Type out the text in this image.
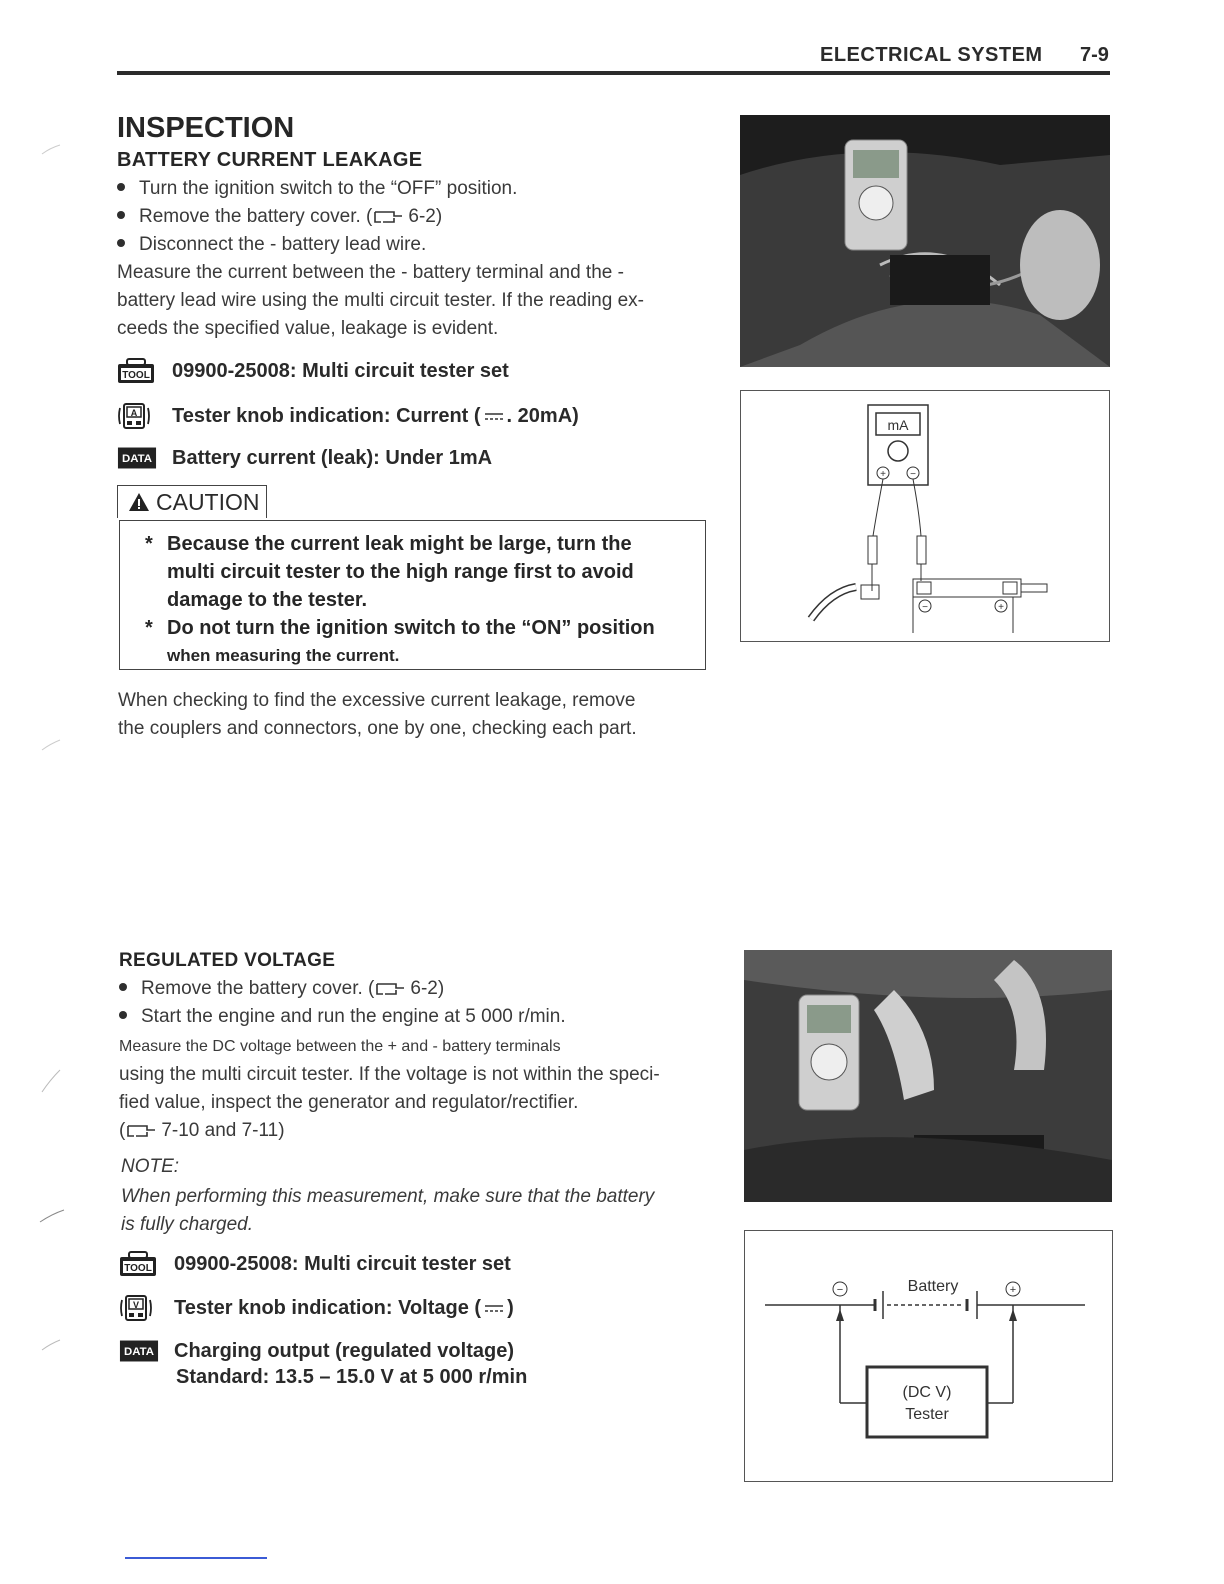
ELECTRICAL SYSTEM 7-9
INSPECTION
BATTERY CURRENT LEAKAGE
Turn the ignition switch to the “OFF” position.
Remove the battery cover. ( 6-2)
Disconnect the - battery lead wire.
Measure the current between the - battery terminal and the -
battery lead wire using the multi circuit tester. If the reading ex-
ceeds the specified value, leakage is evident.
TOOL 09900-25008: Multi circuit tester set
A Tester knob indication: Current ( . 20mA)
DATA Battery current (leak): Under 1mA
CAUTION
* Because the current leak might be large, turn the
multi circuit tester to the high range first to avoid
damage to the tester.
* Do not turn the ignition switch to the “ON” position
when measuring the current.
When checking to find the excessive current leakage, remove
the couplers and connectors, one by one, checking each part.
mA
+ −
−	+
REGULATED VOLTAGE
Remove the battery cover. ( 6-2)
Start the engine and run the engine at 5 000 r/min.
Measure the DC voltage between the + and - battery terminals
using the multi circuit tester. If the voltage is not within the speci-
fied value, inspect the generator and regulator/rectifier.
( 7-10 and 7-11)
NOTE:
When performing this measurement, make sure that the battery
is fully charged.
TOOL 09900-25008: Multi circuit tester set
V Tester knob indication: Voltage ( )
DATA Charging output (regulated voltage)
Standard: 13.5 – 15.0 V at 5 000 r/min
−	+
Battery
(DC V)
Tester
